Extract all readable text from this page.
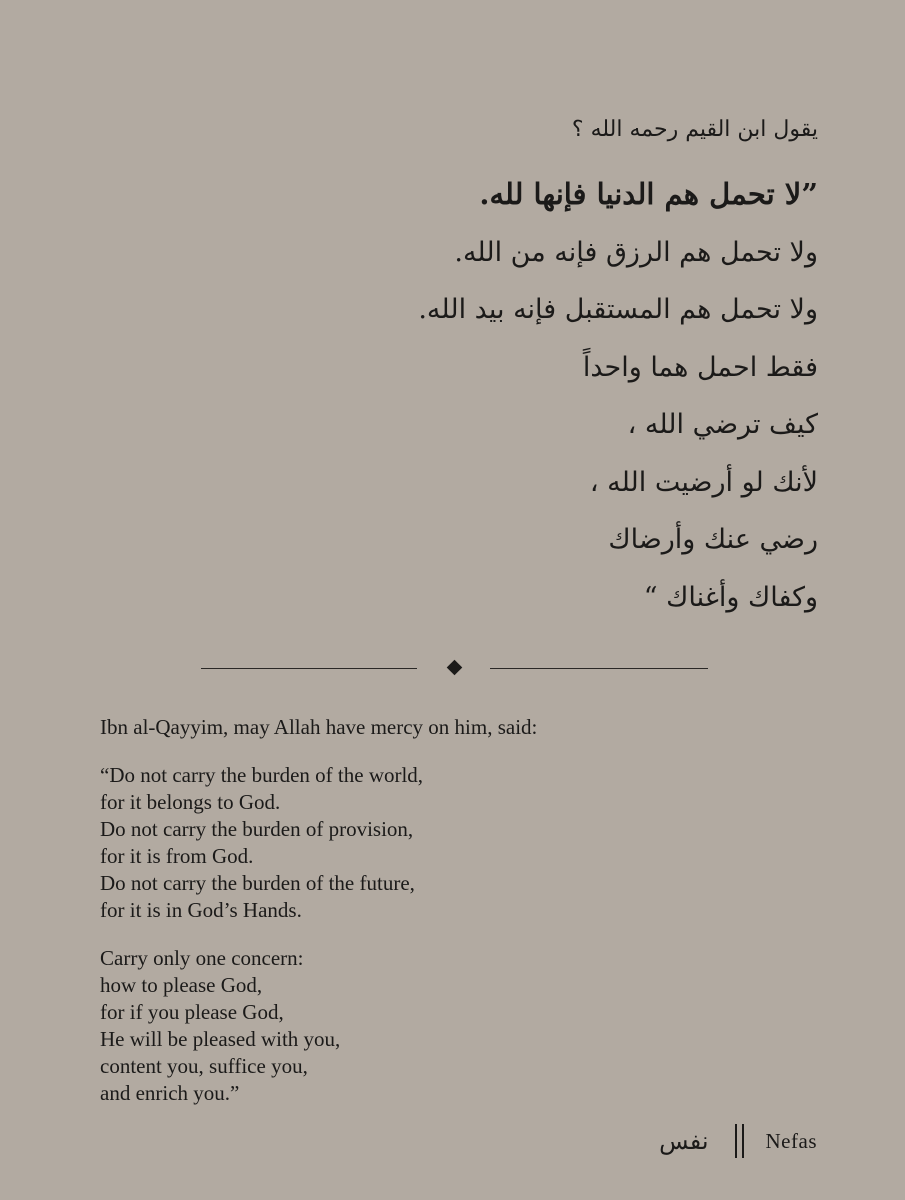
يقول ابن القيم رحمه الله ؟

”لا تحمل هم الدنيا فإنها لله.

ولا تحمل هم الرزق فإنه من الله.

ولا تحمل هم المستقبل فإنه بيد الله.

فقط احمل هما واحداً

كيف ترضي الله ،

لأنك لو أرضيت الله ،

رضي عنك وأرضاك

وكفاك وأغناك “

Ibn al-Qayyim, may Allah have mercy on him, said:

“Do not carry the burden of the world,
for it belongs to God.
Do not carry the burden of provision,
for it is from God.
Do not carry the burden of the future,
for it is in God’s Hands.

Carry only one concern:
how to please God,
for if you please God,
He will be pleased with you,
content you, suffice you,
and enrich you.”

نفس	Nefas
